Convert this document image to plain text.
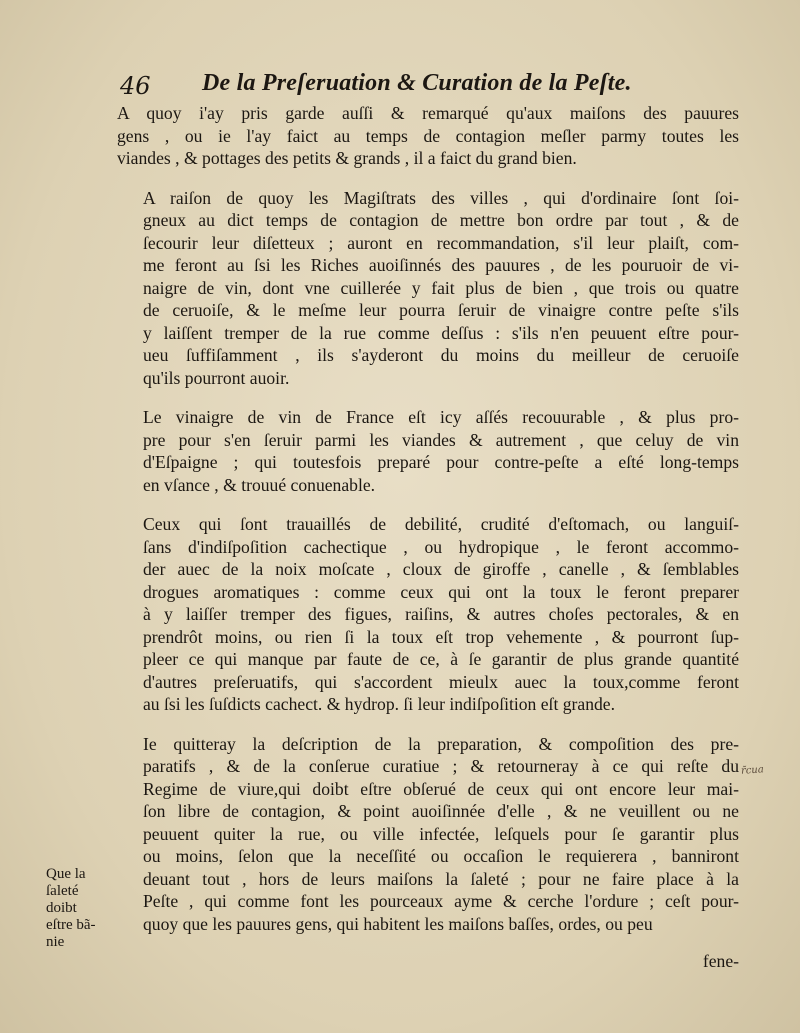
46 De la Preſeruation & Curation de la Peſte.
A quoy i'ay pris garde auſſi & remarqué qu'aux maiſons des pauures
gens , ou ie l'ay faict au temps de contagion meſler parmy toutes les
viandes , & pottages des petits & grands , il a faict du grand bien.
A raiſon de quoy les Magiſtrats des villes , qui d'ordinaire ſont ſoi-
gneux au dict temps de contagion de mettre bon ordre par tout , & de
ſecourir leur diſetteux ; auront en recommandation, s'il leur plaiſt, com-
me feront au ſsi les Riches auoiſinnés des pauures , de les pouruoir de vi-
naigre de vin, dont vne cuillerée y fait plus de bien , que trois ou quatre
de ceruoiſe, & le meſme leur pourra ſeruir de vinaigre contre peſte s'ils
y laiſſent tremper de la rue comme deſſus : s'ils n'en peuuent eſtre pour-
ueu ſuffiſamment , ils s'ayderont du moins du meilleur de ceruoiſe
qu'ils pourront auoir.
Le vinaigre de vin de France eſt icy aſſés recouurable , & plus pro-
pre pour s'en ſeruir parmi les viandes & autrement , que celuy de vin
d'Eſpaigne ; qui toutesfois preparé pour contre-peſte a eſté long-temps
en vſance , & trouué conuenable.
Ceux qui ſont trauaillés de debilité, crudité d'eſtomach, ou languiſ-
ſans d'indiſpoſition cachectique , ou hydropique , le feront accommo-
der auec de la noix moſcate , cloux de giroffe , canelle , & ſemblables
drogues aromatiques : comme ceux qui ont la toux le feront preparer
à y laiſſer tremper des figues, raiſins, & autres choſes pectorales, & en
prendrôt moins, ou rien ſi la toux eſt trop vehemente , & pourront ſup-
pleer ce qui manque par faute de ce, à ſe garantir de plus grande quantité
d'autres preſeruatifs, qui s'accordent mieulx auec la toux,comme feront
au ſsi les ſuſdicts cachect. & hydrop. ſi leur indiſpoſition eſt grande.
Ie quitteray la deſcription de la preparation, & compoſition des pre-
paratifs , & de la conſerue curatiue ; & retourneray à ce qui reſte du
Regime de viure,qui doibt eſtre obſerué de ceux qui ont encore leur mai-
ſon libre de contagion, & point auoiſinnée d'elle , & ne veuillent ou ne
peuuent quiter la rue, ou ville infectée, leſquels pour ſe garantir plus
ou moins, ſelon que la neceſſité ou occaſion le requierera , banniront
deuant tout , hors de leurs maiſons la ſaleté ; pour ne faire place à la
Peſte , qui comme font les pourceaux ayme & cerche l'ordure ; ceſt pour-
quoy que les pauures gens, qui habitent les maiſons baſſes, ordes, ou peu
fene-
Que la
ſaleté
doibt
eſtre bã-
nie
r̃cua
